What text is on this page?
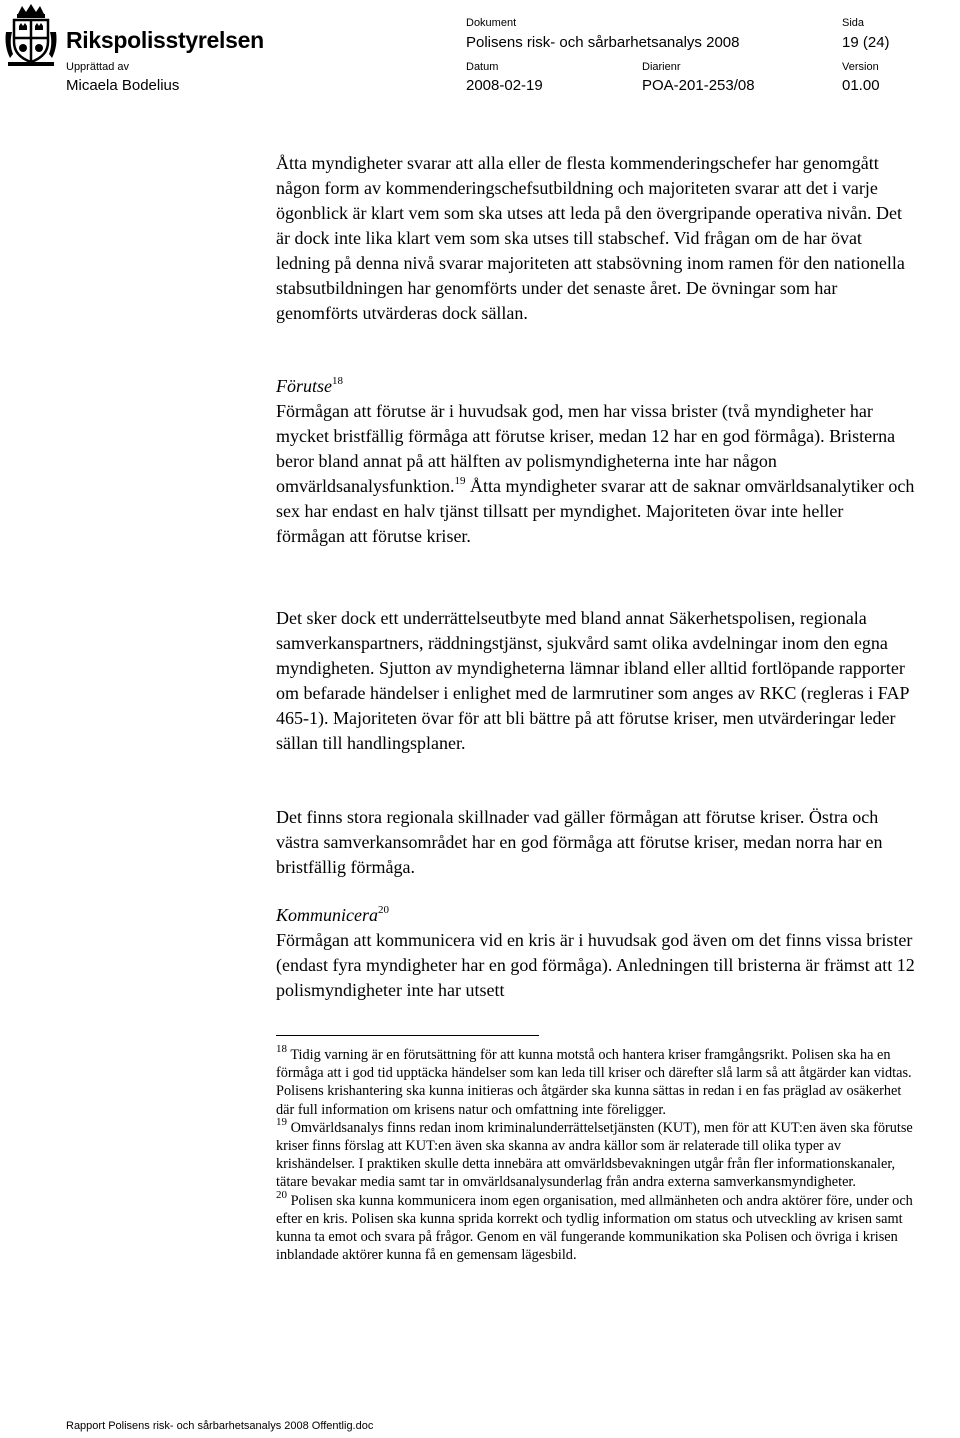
Rikspolisstyrelsen
Dokument
Polisens risk- och sårbarhetsanalys 2008
Sida
19 (24)
Upprättad av
Micaela Bodelius
Datum
2008-02-19
Diarienr
POA-201-253/08
Version
01.00

Åtta myndigheter svarar att alla eller de flesta kommenderingschefer har genomgått någon form av kommenderingschefsutbildning och majoriteten svarar att det i varje ögonblick är klart vem som ska utses att leda på den övergripande operativa nivån. Det är dock inte lika klart vem som ska utses till stabschef. Vid frågan om de har övat ledning på denna nivå svarar majoriteten att stabsövning inom ramen för den nationella stabsutbildningen har genomförts under det senaste året. De övningar som har genomförts utvärderas dock sällan.

Förutse$^{18}$

Förmågan att förutse är i huvudsak god, men har vissa brister (två myndigheter har mycket bristfällig förmåga att förutse kriser, medan 12 har en god förmåga). Bristerna beror bland annat på att hälften av polismyndigheterna inte har någon omvärldsanalysfunktion.$^{19}$ Åtta myndigheter svarar att de saknar omvärldsanalytiker och sex har endast en halv tjänst tillsatt per myndighet. Majoriteten övar inte heller förmågan att förutse kriser.

Det sker dock ett underrättelseutbyte med bland annat Säkerhetspolisen, regionala samverkanspartners, räddningstjänst, sjukvård samt olika avdelningar inom den egna myndigheten. Sjutton av myndigheterna lämnar ibland eller alltid fortlöpande rapporter om befarade händelser i enlighet med de larmrutiner som anges av RKC (regleras i FAP 465-1). Majoriteten övar för att bli bättre på att förutse kriser, men utvärderingar leder sällan till handlingsplaner.

Det finns stora regionala skillnader vad gäller förmågan att förutse kriser. Östra och västra samverkansområdet har en god förmåga att förutse kriser, medan norra har en bristfällig förmåga.

Kommunicera$^{20}$

Förmågan att kommunicera vid en kris är i huvudsak god även om det finns vissa brister (endast fyra myndigheter har en god förmåga). Anledningen till bristerna är främst att 12 polismyndigheter inte har utsett

$^{18}$ Tidig varning är en förutsättning för att kunna motstå och hantera kriser framgångsrikt. Polisen ska ha en förmåga att i god tid upptäcka händelser som kan leda till kriser och därefter slå larm så att åtgärder kan vidtas. Polisens krishantering ska kunna initieras och åtgärder ska kunna sättas in redan i en fas präglad av osäkerhet där full information om krisens natur och omfattning inte föreligger.

$^{19}$ Omvärldsanalys finns redan inom kriminalunderrättelsetjänsten (KUT), men för att KUT:en även ska förutse kriser finns förslag att KUT:en även ska skanna av andra källor som är relaterade till olika typer av krishändelser. I praktiken skulle detta innebära att omvärldsbevakningen utgår från fler informationskanaler, tätare bevakar media samt tar in omvärldsanalysunderlag från andra externa samverkansmyndigheter.

$^{20}$ Polisen ska kunna kommunicera inom egen organisation, med allmänheten och andra aktörer före, under och efter en kris. Polisen ska kunna sprida korrekt och tydlig information om status och utveckling av krisen samt kunna ta emot och svara på frågor. Genom en väl fungerande kommunikation ska Polisen och övriga i krisen inblandade aktörer kunna få en gemensam lägesbild.

Rapport Polisens risk- och sårbarhetsanalys 2008 Offentlig.doc
